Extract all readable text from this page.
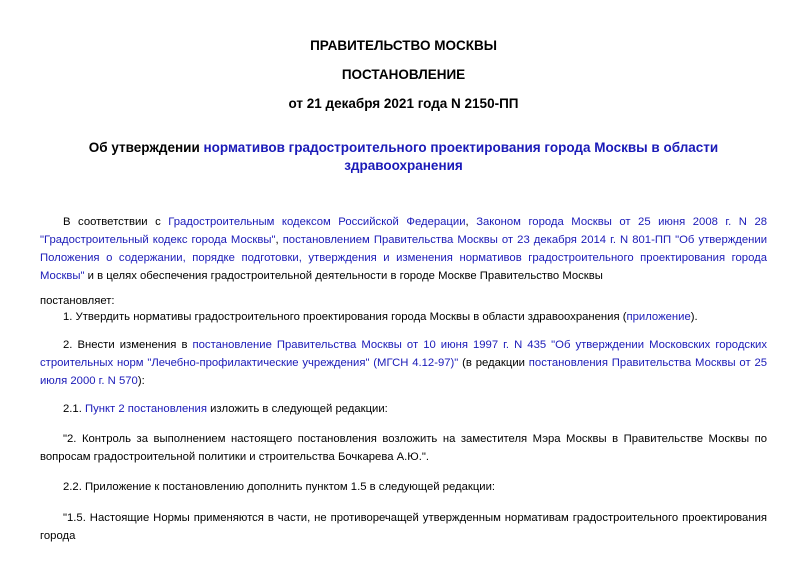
ПРАВИТЕЛЬСТВО МОСКВЫ
ПОСТАНОВЛЕНИЕ
от 21 декабря 2021 года N 2150-ПП
Об утверждении нормативов градостроительного проектирования города Москвы в области
здравоохранения
В соответствии с Градостроительным кодексом Российской Федерации, Законом города Москвы от 25 июня 2008 г. N 28 "Градостроительный кодекс города Москвы", постановлением Правительства Москвы от 23 декабря 2014 г. N 801-ПП "Об утверждении Положения о содержании, порядке подготовки, утверждения и изменения нормативов градостроительного проектирования города Москвы" и в целях обеспечения градостроительной деятельности в городе Москве Правительство Москвы
постановляет:
1. Утвердить нормативы градостроительного проектирования города Москвы в области здравоохранения (приложение).
2. Внести изменения в постановление Правительства Москвы от 10 июня 1997 г. N 435 "Об утверждении Московских городских строительных норм "Лечебно-профилактические учреждения" (МГСН 4.12-97)" (в редакции постановления Правительства Москвы от 25 июля 2000 г. N 570):
2.1. Пункт 2 постановления изложить в следующей редакции:
"2. Контроль за выполнением настоящего постановления возложить на заместителя Мэра Москвы в Правительстве Москвы по вопросам градостроительной политики и строительства Бочкарева А.Ю.".
2.2. Приложение к постановлению дополнить пунктом 1.5 в следующей редакции:
"1.5. Настоящие Нормы применяются в части, не противоречащей утвержденным нормативам градостроительного проектирования города
